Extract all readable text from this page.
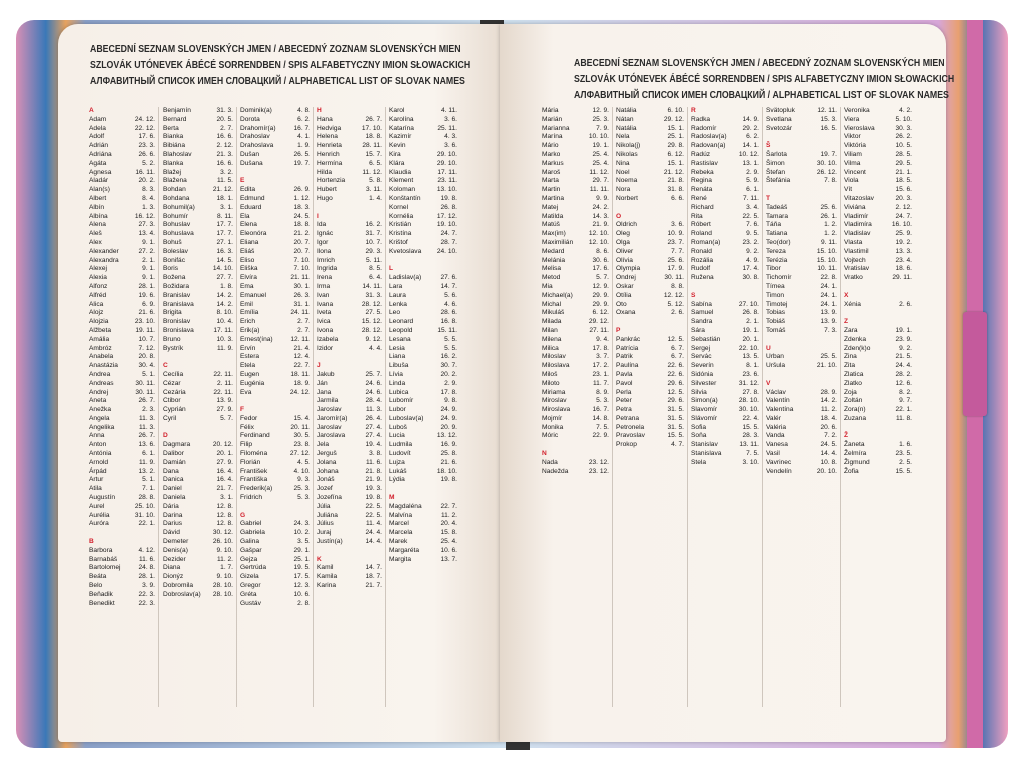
ABECEDNÍ SEZNAM SLOVENSKÝCH JMEN / ABECEDNÝ ZOZNAM SLOVENSKÝCH MIEN
SZLOVÁK UTÓNEVEK ÁBÉCÉ SORRENDBEN / SPIS ALFABETYCZNY IMION SŁOWACKICH
АЛФАВИТНЫЙ СПИСОК ИМЕН СЛОВАЦКИЙ / ALPHABETICAL LIST OF SLOVAK NAMES
ABECEDNÍ SEZNAM SLOVENSKÝCH JMEN / ABECEDNÝ ZOZNAM SLOVENSKÝCH MIEN
SZLOVÁK UTÓNEVEK ÁBÉCÉ SORRENDBEN / SPIS ALFABETYCZNY IMION SŁOWACKICH
АЛФАВИТНЫЙ СПИСОК ИМЕН СЛОВАЦКИЙ / ALPHABETICAL LIST OF SLOVAK NAMES
A
Adam	24. 12.
Adela	22. 12.
Adolf	17. 6.
Adrián	23. 3.
Adriána	26. 6.
Agáta	5. 2.
Agnesa	16. 11.
Aladár	20. 2.
Alan(s)	8. 3.
Albert	8. 4.
Albín	1. 3.
Albína	16. 12.
Alena	27. 3.
Aleš	13. 4.
Alex	9. 1.
Alexander	27. 2.
Alexandra	2. 1.
Alexej	9. 1.
Alexia	9. 1.
Alfonz	28. 1.
Alfréd	19. 6.
Alica	6. 9.
Alojz	21. 6.
Alojzia	23. 10.
Alžbeta	19. 11.
Amália	10. 7.
Ambróz	7. 12.
Anabela	20. 8.
Anastázia	30. 4.
Andrea	5. 1.
Andreas	30. 11.
Andrej	30. 11.
Aneta	26. 7.
Anežka	2. 3.
Angela	11. 3.
Angelika	11. 3.
Anna	26. 7.
Anton	13. 6.
Antónia	6. 1.
Arnold	11. 9.
Árpád	13. 2.
Artur	5. 1.
Atila	7. 1.
Augustín	28. 8.
Aurel	25. 10.
Aurélia	31. 10.
Auróra	22. 1.
B
Barbora	4. 12.
Barnabáš	11. 6.
Bartolomej	24. 8.
Beáta	28. 1.
Belo	3. 9.
Beňadik	22. 3.
Benedikt	22. 3.
Benjamín	31. 3.
Bernard	20. 5.
Berta	2. 7.
Bianka	16. 6.
Bibiána	2. 12.
Blahoslav	21. 3.
Blanka	16. 6.
Blažej	3. 2.
Blažena	11. 5.
Bohdan	21. 12.
Bohdana	18. 1.
Bohumil(a)	3. 1.
Bohumír	8. 11.
Bohuslav	17. 7.
Bohuslava	17. 7.
Bohuš	27. 1.
Boleslav	16. 3.
Bonifác	14. 5.
Boris	14. 10.
Božena	27. 7.
Božidara	1. 8.
Branislav	14. 2.
Branislava	14. 2.
Brigita	8. 10.
Bronislav	10. 4.
Bronislava	17. 11.
Bruno	10. 3.
Bystrík	11. 9.
C
Cecília	22. 11.
Cézar	2. 11.
Cezária	22. 11.
Ctibor	13. 9.
Cyprián	27. 9.
Cyril	5. 7.
D
Dagmara	20. 12.
Dalibor	20. 1.
Damián	27. 9.
Dana	16. 4.
Danica	16. 4.
Daniel	21. 7.
Daniela	3. 1.
Dária	12. 8.
Darina	12. 8.
Darius	12. 8.
Dávid	30. 12.
Demeter	26. 10.
Denis(a)	9. 10.
Dezider	11. 2.
Diana	1. 7.
Dionýz	9. 10.
Dobromila	28. 10.
Dobroslav(a) 28. 10.
Dominik(a)	4. 8.
Dorota	6. 2.
Drahomír(a)	16. 7.
Drahoslav	4. 1.
Drahoslava	1. 9.
Dušan	26. 5.
Dušana	19. 7.
E
Edita	26. 9.
Edmund	1. 12.
Eduard	18. 3.
Ela	24. 5.
Elena	18. 8.
Eleonóra	21. 2.
Eliana	20. 7.
Eliáš	20. 7.
Eliso	7. 10.
Eliška	7. 10.
Elvíra	21. 11.
Ema	30. 1.
Emanuel	26. 3.
Emil	31. 1.
Emília	24. 11.
Erich	2. 7.
Erik(a)	2. 7.
Ernest(ína)	12. 11.
Ervín	21. 4.
Estera	12. 4.
Etela	22. 7.
Eugen	18. 11.
Eugénia	18. 9.
Eva	24. 12.
F
Fedor	15. 4.
Félix	20. 11.
Ferdinand	30. 5.
Filip	23. 8.
Filoména	27. 12.
Florián	4. 5.
František	4. 10.
Františka	9. 3.
Frederik(a)	25. 3.
Fridrich	5. 3.
G
Gabriel	24. 3.
Gabriela	10. 2.
Galina	3. 5.
Gašpar	29. 1.
Gejza	25. 1.
Gertrúda	19. 5.
Gizela	17. 5.
Gregor	12. 3.
Gréta	10. 6.
Gustáv	2. 8.
H
Hana	26. 7.
Hedviga	17. 10.
Helena	18. 8.
Henrieta	28. 11.
Henrich	15. 7.
Hermína	6. 5.
Hilda	11. 12.
Hortenzia	5. 8.
Hubert	3. 11.
Hugo	1. 4.
I
Ida	16. 2.
Ignác	31. 7.
Igor	10. 7.
Ilona	29. 3.
Imrich	5. 11.
Ingrida	8. 5.
Irena	6. 4.
Irma	14. 11.
Ivan	31. 3.
Ivana	28. 12.
Iveta	27. 5.
Ivica	15. 12.
Ivona	28. 12.
Izabela	9. 12.
Izidor	4. 4.
J
Jakub	25. 7.
Ján	24. 6.
Jana	24. 6.
Jarmila	28. 4.
Jaroslav	11. 3.
Jaromír(a)	26. 4.
Jaroslav	27. 4.
Jaroslava	27. 4.
Jela	19. 4.
Jerguš	3. 8.
Jolana	11. 6.
Johana	21. 8.
Jonáš	21. 9.
Jozef	19. 3.
Jozefína	19. 8.
Júlia	22. 5.
Juliána	22. 5.
Július	11. 4.
Juraj	24. 4.
Justín(a)	14. 4.
K
Kamil	14. 7.
Kamila	18. 7.
Karina	21. 7.
Karol	4. 11.
Karolína	3. 6.
Katarína	25. 11.
Kazimír	4. 3.
Kevin	3. 6.
Kira	29. 10.
Klára	29. 10.
Klaudia	17. 11.
Klement	23. 11.
Koloman	13. 10.
Konštantín	19. 8.
Kornel	26. 8.
Kornélia	17. 12.
Kristián	19. 10.
Kristína	24. 7.
Krištof	28. 7.
Kvetoslava 24. 10.
L
Ladislav(a)	27. 6.
Lara	14. 7.
Laura	5. 6.
Lenka	4. 6.
Leo	28. 6.
Leonard	16. 8.
Leopold	15. 11.
Lesana	5. 5.
Lesia	5. 5.
Liana	16. 2.
Libuša	30. 7.
Lívia	20. 2.
Linda	2. 9.
Lubica	17. 8.
Lubomír	9. 8.
Lubor	24. 9.
Luboslav(a)	24. 9.
Luboš	20. 9.
Lucia	13. 12.
Ludmila	16. 9.
Ludovít	25. 8.
Lujza	21. 6.
Lukáš	18. 10.
Lýdia	19. 8.
M
Magdaléna	22. 7.
Malvína	11. 2.
Marcel	20. 4.
Marcela	15. 8.
Marek	25. 4.
Margaréta	10. 6.
Margita	13. 7.
Mária	12. 9.
Marián	25. 3.
Marianna	7. 9.
Marína	10. 10.
Mário	19. 1.
Marko	25. 4.
Markus	25. 4.
Maroš	11. 12.
Marta	29. 7.
Martin	11. 11.
Martina	9. 9.
Matej	24. 2.
Matilda	14. 3.
Matúš	21. 9.
Max(im)	12. 10.
Maximilián 12. 10.
Medard	8. 6.
Melánia	30. 6.
Melisa	17. 6.
Metod	5. 7.
Mia	12. 9.
Michael(a)	29. 9.
Michal	29. 9.
Mikuláš	6. 12.
Milada	29. 12.
Milan	27. 11.
Milena	9. 4.
Milica	17. 8.
Miloslav	3. 7.
Miloslava	17. 2.
Miloš	23. 1.
Miloto	11. 7.
Miriama	8. 9.
Miroslav	5. 3.
Miroslava	16. 7.
Mojmír	14. 8.
Monika	7. 5.
Móric	22. 9.
N
Nada	23. 12.
Nadežda	23. 12.
Natália	6. 10.
Nátan	29. 12.
Natália	15. 1.
Nela	25. 1.
Nikola(j)	29. 8.
Nikolas	6. 12.
Nina	15. 1.
Noel	21. 12.
Noema	21. 8.
Nora	31. 8.
Norbert	6. 6.
O
Oldrich	3. 6.
Oleg	10. 9.
Olga	23. 7.
Oliver	7. 7.
Olívia	25. 6.
Olympia	17. 9.
Ondrej	30. 11.
Oskar	8. 8.
Otília	12. 12.
Oto	5. 12.
Oxana	2. 6.
P
Pankrác	12. 5.
Patrícia	6. 7.
Patrik	6. 7.
Paulína	22. 6.
Pavla	22. 6.
Pavol	29. 6.
Perla	12. 5.
Peter	29. 6.
Petra	31. 5.
Petrana	31. 5.
Petronela	31. 5.
Pravoslav	15. 5.
Prokop	4. 7.
R
Radka	14. 9.
Radomír	29. 2.
Radoslav(a)	6. 2.
Radovan(a)	14. 1.
Radúz	10. 12.
Rastislav	13. 1.
Rebeka	2. 9.
Regina	5. 9.
Renáta	6. 1.
René	7. 11.
Richard	3. 4.
Rita	22. 5.
Róbert	7. 6.
Roland	9. 5.
Roman(a)	23. 2.
Ronald	9. 2.
Rozália	4. 9.
Rudolf	17. 4.
Ružena	30. 8.
S
Sabína	27. 10.
Samuel	26. 8.
Sandra	2. 1.
Sára	19. 1.
Sebastián	20. 1.
Sergej	22. 10.
Servác	13. 5.
Severín	8. 1.
Sidónia	23. 6.
Silvester	31. 12.
Silvia	27. 8.
Simon(a)	28. 10.
Slavomír	30. 10.
Slávomír	22. 4.
Sofia	15. 5.
Soňa	28. 3.
Stanislav	13. 11.
Stanislava	7. 5.
Stela	3. 10.
Svätopluk	12. 11.
Svetlana	15. 3.
Svetozár	16. 5.
Š
Šarlota	19. 7.
Šimon	30. 10.
Štefan	26. 12.
Štefánia	7. 8.
T
Tadeáš	25. 6.
Tamara	26. 1.
Táňa	1. 2.
Tatiana	1. 2.
Teo(dor)	9. 11.
Tereza	15. 10.
Terézia	15. 10.
Tibor	10. 11.
Tichomír	22. 8.
Tímea	24. 1.
Timon	24. 1.
Timotej	24. 1.
Tobias	13. 9.
Tobiáš	13. 9.
Tomáš	7. 3.
U
Urban	25. 5.
Uršula	21. 10.
V
Václav	28. 9.
Valentín	14. 2.
Valentína	11. 2.
Valér	18. 4.
Valéria	20. 6.
Vanda	7. 2.
Vanesa	24. 5.
Vasil	14. 4.
Vavrinec	10. 8.
Vendelín	20. 10.
Veronika	4. 2.
Viera	5. 10.
Vieroslava	30. 3.
Viktor	26. 2.
Viktória	10. 5.
Viliam	28. 5.
Vilma	29. 5.
Vincent	21. 1.
Viola	18. 5.
Vít	15. 6.
Vitazoslav	20. 3.
Viviána	2. 12.
Vladimír	24. 7.
Vladimíra	16. 10.
Vladislav	25. 9.
Vlasta	19. 2.
Vlastimil	13. 3.
Vojtech	23. 4.
Vratislav	18. 6.
Vratko	29. 11.
X
Xénia	2. 6.
Z
Zara	19. 1.
Zdenka	23. 9.
Zden(k)o	9. 2.
Zina	21. 5.
Zita	24. 4.
Zlatica	28. 2.
Zlatko	12. 6.
Zoja	8. 2.
Zoltán	9. 7.
Zora(n)	22. 1.
Zuzana	11. 8.
Ž
Žaneta	1. 6.
Želmíra	23. 5.
Žigmund	2. 5.
Žofia	15. 5.
